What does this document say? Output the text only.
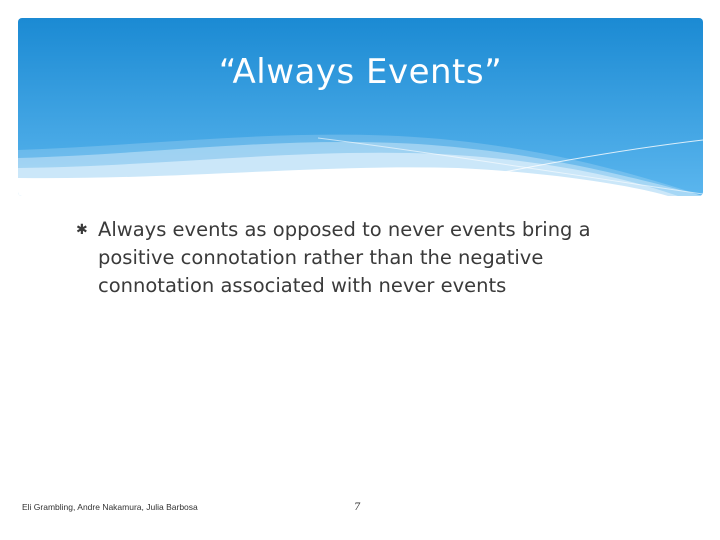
“Always Events”
✱ Always events as opposed to never events bring a
positive connotation rather than the negative
connotation associated with never events
Eli Grambling, Andre Nakamura, Julia Barbosa	7
